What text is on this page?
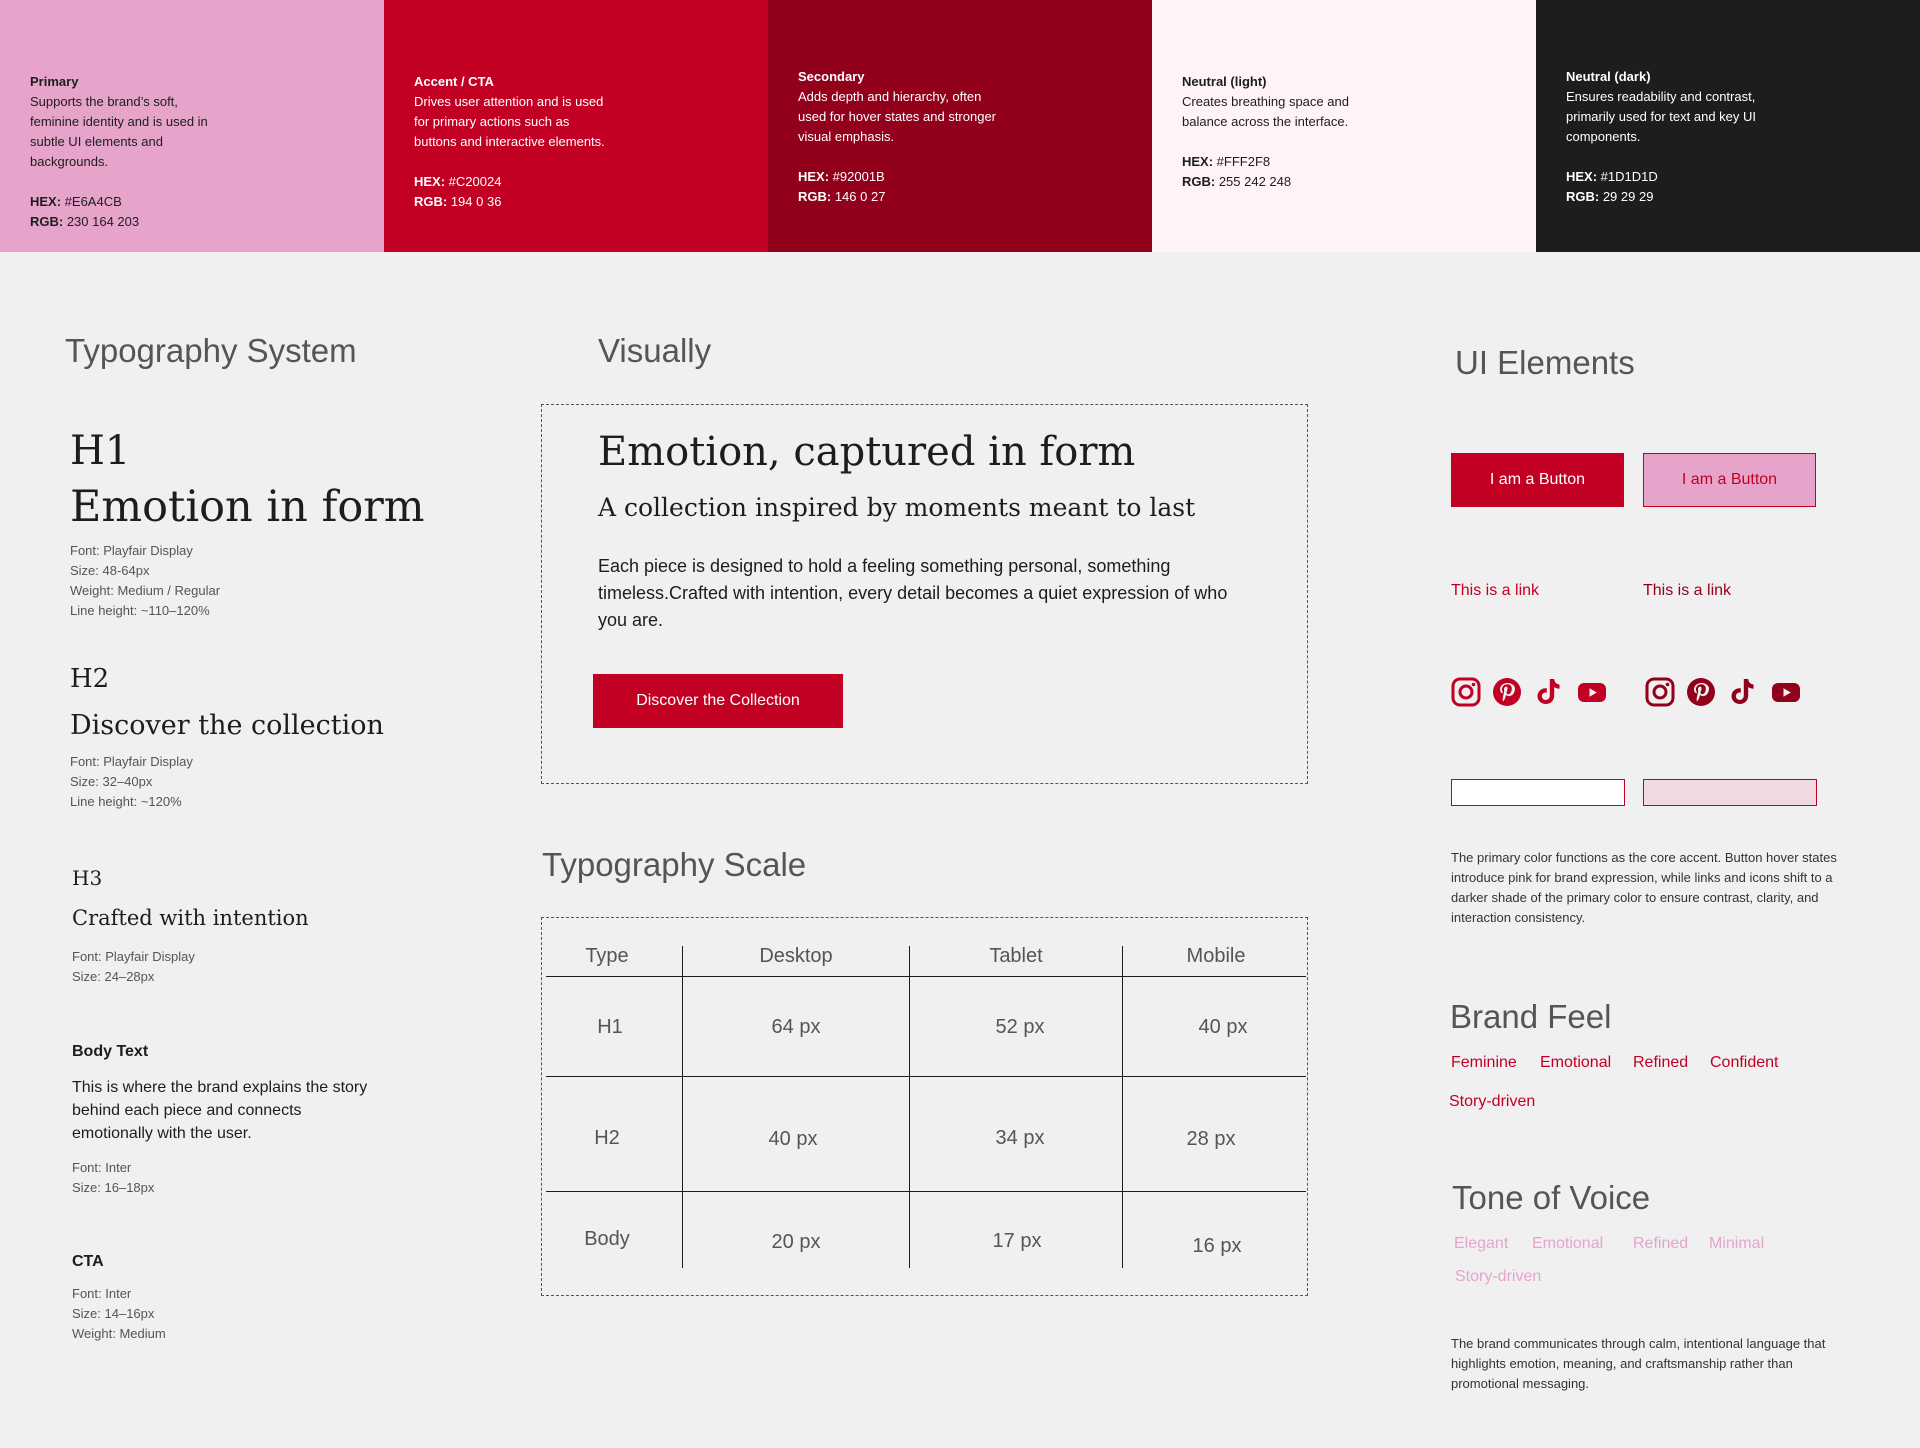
Primary
Supports the brand’s soft,
feminine identity and is used in
subtle UI elements and
backgrounds.
HEX: #E6A4CB
RGB: 230 164 203
Accent / CTA
Drives user attention and is used
for primary actions such as
buttons and interactive elements.
HEX: #C20024
RGB: 194 0 36
Secondary
Adds depth and hierarchy, often
used for hover states and stronger
visual emphasis.
HEX: #92001B
RGB: 146 0 27
Neutral (light)
Creates breathing space and
balance across the interface.
HEX: #FFF2F8
RGB: 255 242 248
Neutral (dark)
Ensures readability and contrast,
primarily used for text and key UI
components.
HEX: #1D1D1D
RGB: 29 29 29
Typography System
H1
Emotion in form
Font: Playfair Display
Size: 48-64px
Weight: Medium / Regular
Line height: ~110–120%
H2
Discover the collection
Font: Playfair Display
Size: 32–40px
Line height: ~120%
H3
Crafted with intention
Font: Playfair Display
Size: 24–28px
Body Text
This is where the brand explains the story behind each piece and connects emotionally with the user.
Font: Inter
Size: 16–18px
CTA
Font: Inter
Size: 14–16px
Weight: Medium
Visually
Emotion, captured in form
A collection inspired by moments meant to last
Each piece is designed to hold a feeling something personal, something timeless.Crafted with intention, every detail becomes a quiet expression of who you are.
Discover the Collection
Typography Scale
Type	Desktop	Tablet	Mobile
H1	64 px	52 px	40 px
H2	40 px	34 px	28 px
Body	20 px	17 px	16 px
UI Elements
I am a Button	I am a Button
This is a link	This is a link
The primary color functions as the core accent. Button hover states introduce pink for brand expression, while links and icons shift to a darker shade of the primary color to ensure contrast, clarity, and interaction consistency.
Brand Feel
Feminine Emotional Refined Confident
Story-driven
Tone of Voice
Elegant Emotional Refined Minimal
Story-driven
The brand communicates through calm, intentional language that highlights emotion, meaning, and craftsmanship rather than promotional messaging.
